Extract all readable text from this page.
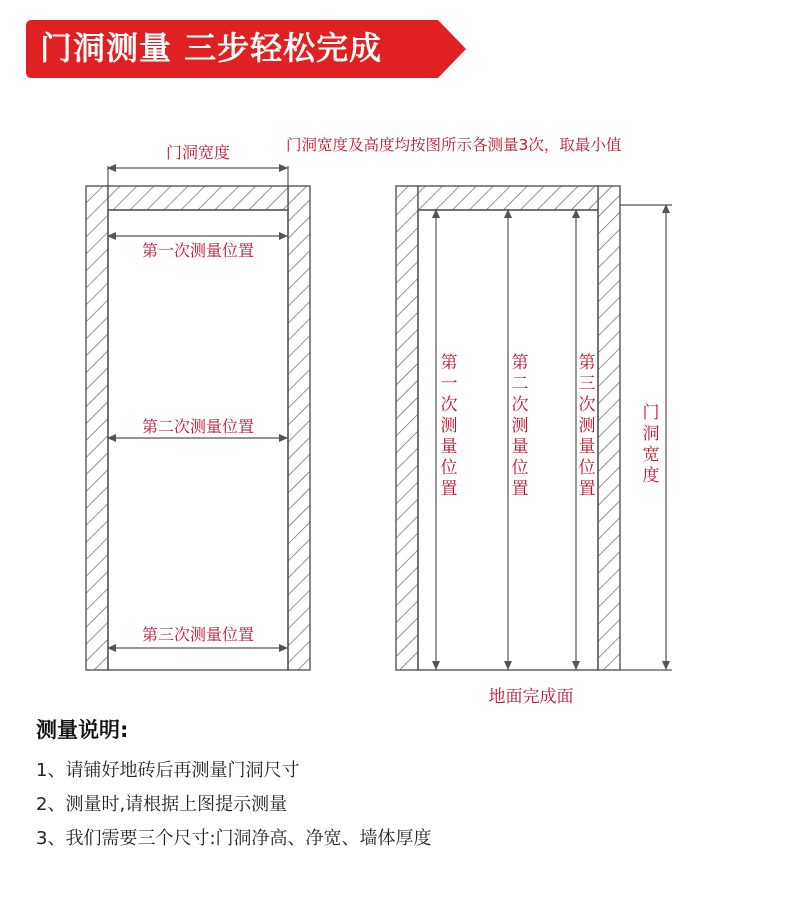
门洞测量 三步轻松完成
门洞宽度
第一次测量位置
第二次测量位置
第三次测量位置
门洞宽度及高度均按图所示各测量3次，取最小值
第一次测量位置
第二次测量位置
第三次测量位置
门洞宽度
地面完成面
测量说明:
1、请铺好地砖后再测量门洞尺寸
2、测量时,请根据上图提示测量
3、我们需要三个尺寸:门洞净高、净宽、墙体厚度
